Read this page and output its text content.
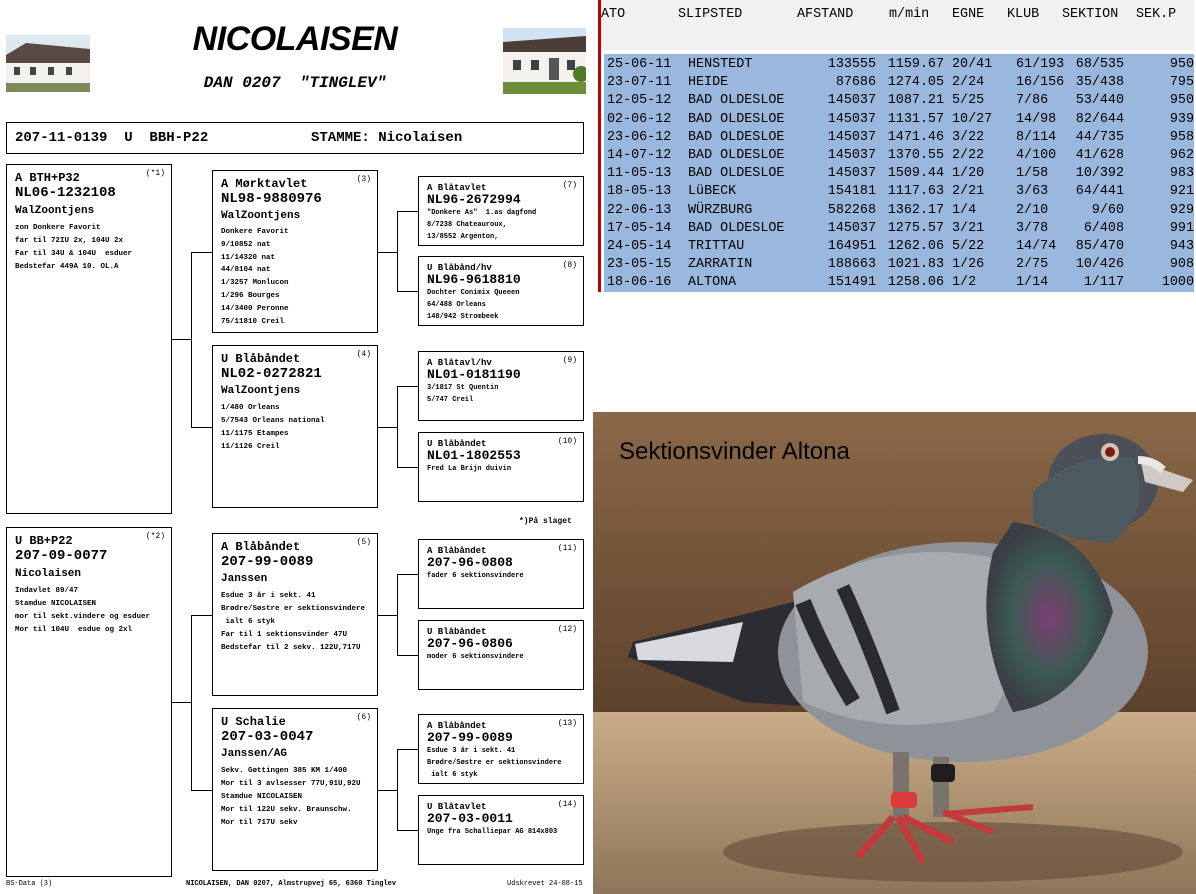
NICOLAISEN
DAN 0207  "TINGLEV"
207-11-0139  U  BBH-P22	STAMME: Nicolaisen
A BTH+P32	(*1)
NL06-1232108
WalZoontjens
zon Donkere Favorit
far til 72IU 2x, 104U 2x
Far til 34U & 104U  esduer
Bedstefar 449A 10. OL.A
U BB+P22	(*2)
207-09-0077
Nicolaisen
Indavlet 89/47
Stamdue NICOLAISEN
mor til sekt.vindere og esduer
Mor til 104U  esdue og 2xl
A Mørktavlet	(3)
NL98-9880976
WalZoontjens
Donkere Favorit
9/10852 nat
11/14320 nat
44/8104 nat
1/3257 Monlucon
1/296 Bourges
14/3400 Peronne
75/11810 Creil
U Blåbåndet	(4)
NL02-0272821
WalZoontjens
1/480 Orleans
5/7543 Orleans national
11/1175 Etampes
11/1126 Creil
A Blåbåndet	(5)
207-99-0089
Janssen
Esdue 3 år i sekt. 41
Brødre/Søstre er sektionsvindere
ialt 6 styk
Far til 1 sektionsvinder 47U
Bedstefar til 2 sekv. 122U,717U
U Schalie	(6)
207-03-0047
Janssen/AG
Sekv. Gøttingen 385 KM 1/400
Mor til 3 avlsesser 77U,91U,92U
Stamdue NICOLAISEN
Mor til 122U sekv. Braunschw.
Mor til 717U sekv
A Blåtavlet	(7)
NL96-2672994
"Donkere As"  1.as dagfond
8/7238 Chateauroux,
13/8552 Argenton,
U Blåbånd/hv	(8)
NL96-9618810
Dochter Conimix Queeen
64/488 Orleans
148/942 Strombeek
A Blåtavl/hv	(9)
NL01-0181190
3/1817 St Quentin
5/747 Creil
U Blåbåndet	(10)
NL01-1802553
Fred La Brijn duivin
*)På slaget
A Blåbåndet	(11)
207-96-0808
fader 6 sektionsvindere
U Blåbåndet	(12)
207-96-0806
moder 6 sektionsvindere
A Blåbåndet	(13)
207-99-0089
Esdue 3 år i sekt. 41
Brødre/Søstre er sektionsvindere
ialt 6 styk
U Blåtavlet	(14)
207-03-0011
Unge fra Schalliepar AG 814x803
BS-Data (3)	NICOLAISEN, DAN 0207, Almstrupvej 65, 6360 Tinglev	Udskrevet 24-08-15
ATO	SLIPSTED	AFSTAND	m/min EGNE KLUB SEKTION SEK.P
25-06-11 HENSTEDT	133555 1159.67 20/41 61/193 68/535	950
23-07-11 HEIDE	87686 1274.05 2/24 16/156 35/438	795
12-05-12 BAD OLDESLOE	145037 1087.21 5/25 7/86 53/440	950
02-06-12 BAD OLDESLOE	145037 1131.57 10/27 14/98 82/644	939
23-06-12 BAD OLDESLOE	145037 1471.46 3/22 8/114 44/735	958
14-07-12 BAD OLDESLOE	145037 1370.55 2/22 4/100 41/628	962
11-05-13 BAD OLDESLOE	145037 1509.44 1/20 1/58 10/392	983
18-05-13 LüBECK	154181 1117.63 2/21 3/63 64/441	921
22-06-13 WÜRZBURG	582268 1362.17 1/4	2/10	9/60	929
17-05-14 BAD OLDESLOE	145037 1275.57 3/21 3/78	6/408	991
24-05-14 TRITTAU	164951 1262.06 5/22 14/74 85/470	943
23-05-15 ZARRATIN	188663 1021.83 1/26 2/75 10/426	908
18-06-16 ALTONA	151491 1258.06 1/2	1/14	1/117	1000
Sektionsvinder Altona
